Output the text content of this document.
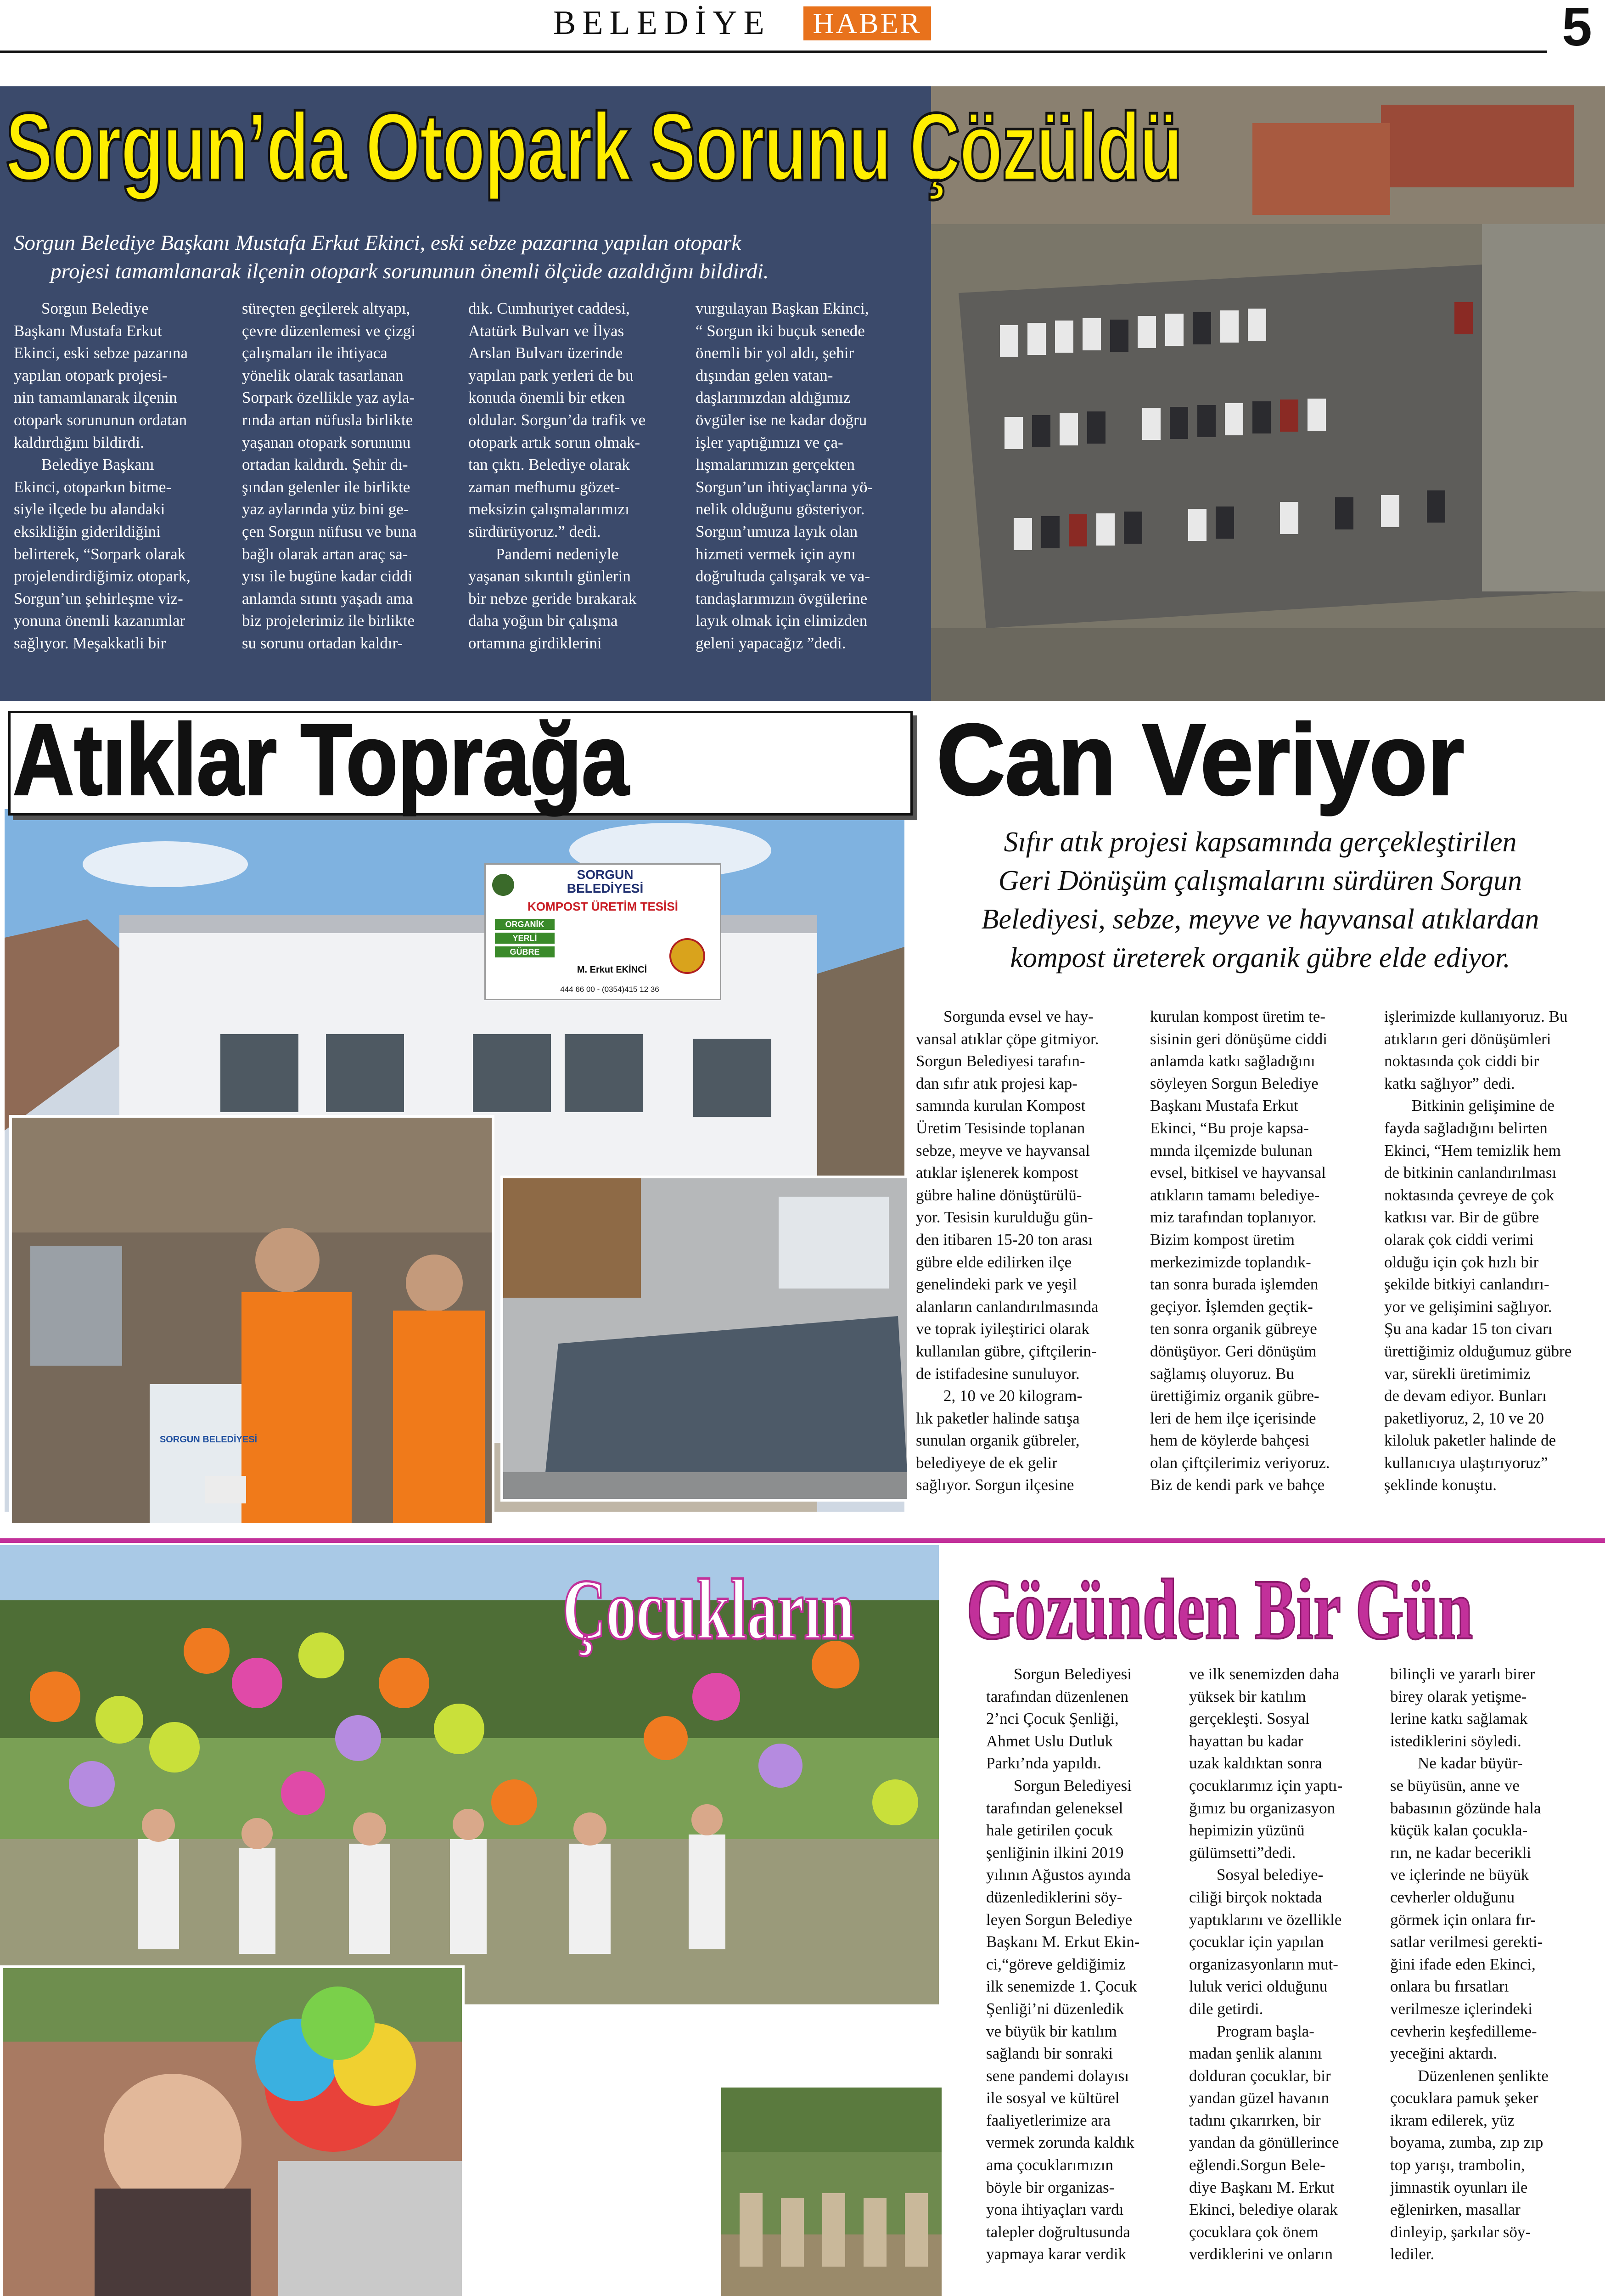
BELEDİYE	HABER	5
Sorgun’da Otopark Sorunu Çözüldü
Sorgun Belediye Başkanı Mustafa Erkut Ekinci, eski sebze pazarına yapılan otopark
projesi tamamlanarak ilçenin otopark sorununun önemli ölçüde azaldığını bildirdi.

Sorgun Belediye

Başkanı Mustafa Erkut
Ekinci, eski sebze pazarına
yapılan otopark projesi-
nin tamamlanarak ilçenin
otopark sorununun ordatan
kaldırdığını bildirdi.
Belediye Başkanı
Ekinci, otoparkın bitme-
siyle ilçede bu alandaki
eksikliğin giderildiğini
belirterek, “Sorpark olarak
projelendirdiğimiz otopark,
Sorgun’un şehirleşme viz-
yonuna önemli kazanımlar
sağlıyor. Meşakkatli bir
süreçten geçilerek altyapı,
çevre düzenlemesi ve çizgi
çalışmaları ile ihtiyaca
yönelik olarak tasarlanan
Sorpark özellikle yaz ayla-
rında artan nüfusla birlikte
yaşanan otopark sorununu
ortadan kaldırdı. Şehir dı-
şından gelenler ile birlikte
yaz aylarında yüz bini ge-
çen Sorgun nüfusu ve buna
bağlı olarak artan araç sa-
yısı ile bugüne kadar ciddi
anlamda sıtıntı yaşadı ama
biz projelerimiz ile birlikte
su sorunu ortadan kaldır-
dık. Cumhuriyet caddesi,
Atatürk Bulvarı ve İlyas
Arslan Bulvarı üzerinde
yapılan park yerleri de bu
konuda önemli bir etken
oldular. Sorgun’da trafik ve
otopark artık sorun olmak-
tan çıktı. Belediye olarak
zaman mefhumu gözet-
meksizin çalışmalarımızı
sürdürüyoruz.” dedi.
Pandemi nedeniyle
yaşanan sıkıntılı günlerin
bir nebze geride bırakarak
daha yoğun bir çalışma
ortamına girdiklerini
vurgulayan Başkan Ekinci,
“ Sorgun iki buçuk senede
önemli bir yol aldı, şehir
dışından gelen vatan-
daşlarımızdan aldığımız
övgüler ise ne kadar doğru
işler yaptığımızı ve ça-
lışmalarımızın gerçekten
Sorgun’un ihtiyaçlarına yö-
nelik olduğunu gösteriyor.
Sorgun’umuza layık olan
hizmeti vermek için aynı
doğrultuda çalışarak ve va-
tandaşlarımızın övgülerine
layık olmak için elimizden
geleni yapacağız ”dedi.
SORGUN
BELEDİYESİ
KOMPOST ÜRETİM TESİSİ
ORGANİK
YERLİ
GÜBRE
M. Erkut EKİNCİ
444 66 00 - (0354)415 12 36
SORGUN BELEDİYESİ
Atıklar Toprağa	Can Veriyor
Sıfır atık projesi kapsamında gerçekleştirilen
Geri Dönüşüm çalışmalarını sürdüren Sorgun
Belediyesi, sebze, meyve ve hayvansal atıklardan
kompost üreterek organik gübre elde ediyor.
Sorgunda evsel ve hay-
vansal atıklar çöpe gitmiyor.
Sorgun Belediyesi tarafın-
dan sıfır atık projesi kap-
samında kurulan Kompost
Üretim Tesisinde toplanan
sebze, meyve ve hayvansal
atıklar işlenerek kompost
gübre haline dönüştürülü-
yor. Tesisin kurulduğu gün-
den itibaren 15-20 ton arası
gübre elde edilirken ilçe
genelindeki park ve yeşil
alanların canlandırılmasında
ve toprak iyileştirici olarak
kullanılan gübre, çiftçilerin-
de istifadesine sunuluyor.
2, 10 ve 20 kilogram-
lık paketler halinde satışa
sunulan organik gübreler,
belediyeye de ek gelir
sağlıyor. Sorgun ilçesine
kurulan kompost üretim te-
sisinin geri dönüşüme ciddi
anlamda katkı sağladığını
söyleyen Sorgun Belediye
Başkanı Mustafa Erkut
Ekinci, “Bu proje kapsa-
mında ilçemizde bulunan
evsel, bitkisel ve hayvansal
atıkların tamamı belediye-
miz tarafından toplanıyor.
Bizim kompost üretim
merkezimizde toplandık-
tan sonra burada işlemden
geçiyor. İşlemden geçtik-
ten sonra organik gübreye
dönüşüyor. Geri dönüşüm
sağlamış oluyoruz. Bu
ürettiğimiz organik gübre-
leri de hem ilçe içerisinde
hem de köylerde bahçesi
olan çiftçilerimiz veriyoruz.
Biz de kendi park ve bahçe
işlerimizde kullanıyoruz. Bu
atıkların geri dönüşümleri
noktasında çok ciddi bir
katkı sağlıyor” dedi.
Bitkinin gelişimine de
fayda sağladığını belirten
Ekinci, “Hem temizlik hem
de bitkinin canlandırılması
noktasında çevreye de çok
katkısı var. Bir de gübre
olarak çok ciddi verimi
olduğu için çok hızlı bir
şekilde bitkiyi canlandırı-
yor ve gelişimini sağlıyor.
Şu ana kadar 15 ton civarı
ürettiğimiz olduğumuz gübre
var, sürekli üretimimiz
de devam ediyor. Bunları
paketliyoruz, 2, 10 ve 20
kiloluk paketler halinde de
kullanıcıya ulaştırıyoruz”
şeklinde konuştu.
Çocukların Gözünden Bir Gün
Sorgun Belediyesi
tarafından düzenlenen
2’nci Çocuk Şenliği,
Ahmet Uslu Dutluk
Parkı’nda yapıldı.
Sorgun Belediyesi
tarafından geleneksel
hale getirilen çocuk
şenliğinin ilkini 2019
yılının Ağustos ayında
düzenlediklerini söy-
leyen Sorgun Belediye
Başkanı M. Erkut Ekin-
ci,“göreve geldiğimiz
ilk senemizde 1. Çocuk
Şenliği’ni düzenledik
ve büyük bir katılım
sağlandı bir sonraki
sene pandemi dolayısı
ile sosyal ve kültürel
faaliyetlerimize ara
vermek zorunda kaldık
ama çocuklarımızın
böyle bir organizas-
yona ihtiyaçları vardı
talepler doğrultusunda
yapmaya karar verdik
ve ilk senemizden daha
yüksek bir katılım
gerçekleşti. Sosyal
hayattan bu kadar
uzak kaldıktan sonra
çocuklarımız için yaptı-
ğımız bu organizasyon
hepimizin yüzünü
gülümsetti”dedi.
Sosyal belediye-
ciliği birçok noktada
yaptıklarını ve özellikle
çocuklar için yapılan
organizasyonların mut-
luluk verici olduğunu
dile getirdi.
Program başla-
madan şenlik alanını
dolduran çocuklar, bir
yandan güzel havanın
tadını çıkarırken, bir
yandan da gönüllerince
eğlendi.Sorgun Bele-
diye Başkanı M. Erkut
Ekinci, belediye olarak
çocuklara çok önem
verdiklerini ve onların
bilinçli ve yararlı birer
birey olarak yetişme-
lerine katkı sağlamak
istediklerini söyledi.
Ne kadar büyür-
se büyüsün, anne ve
babasının gözünde hala
küçük kalan çocukla-
rın, ne kadar becerikli
ve içlerinde ne büyük
cevherler olduğunu
görmek için onlara fır-
satlar verilmesi gerekti-
ğini ifade eden Ekinci,
onlara bu fırsatları
verilmesze içlerindeki
cevherin keşfedilleme-
yeceğini aktardı.
Düzenlenen şenlikte
çocuklara pamuk şeker
ikram edilerek, yüz
boyama, zumba, zıp zıp
top yarışı, trambolin,
jimnastik oyunları ile
eğlenirken, masallar
dinleyip, şarkılar söy-
lediler.
